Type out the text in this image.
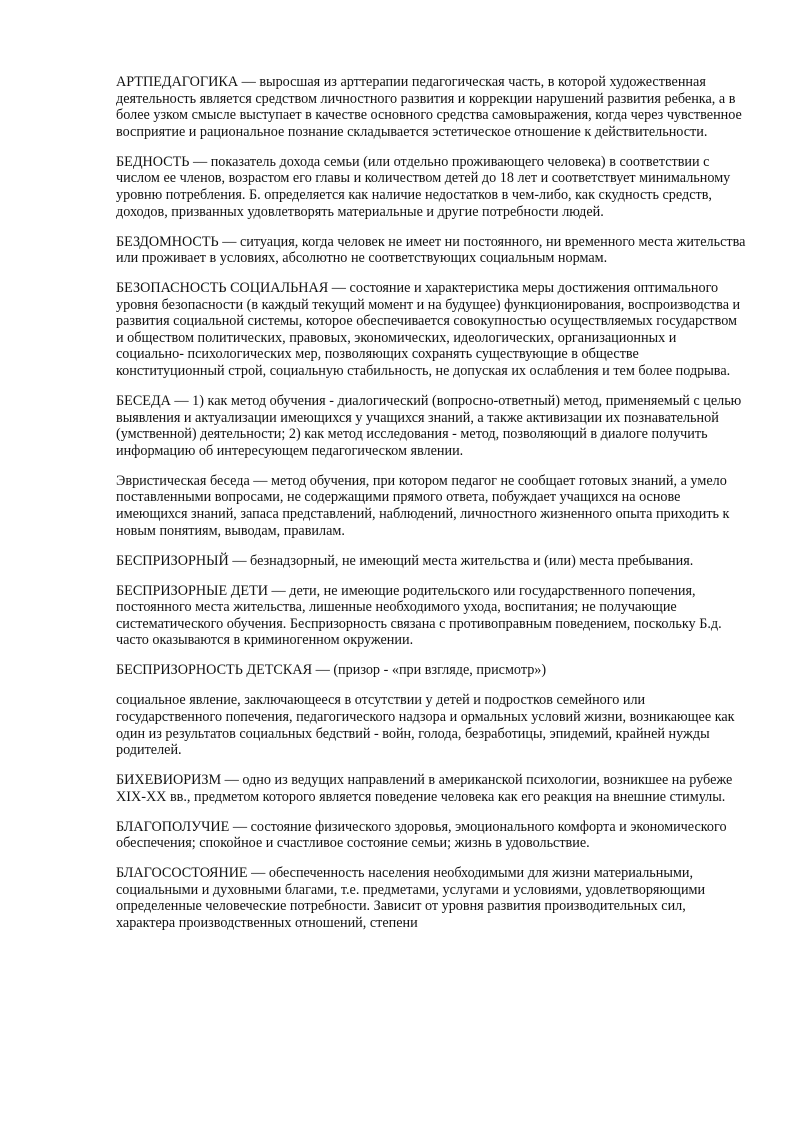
АРТПЕДАГОГИКА — выросшая из арттерапии педагогическая часть, в которой художественная деятельность является средством личностного развития и коррекции нарушений развития ребенка, а в более узком смысле выступает в качестве основного средства самовыражения, когда через чувственное восприятие и рациональное познание складывается эстетическое отношение к действительности.

БЕДНОСТЬ — показатель дохода семьи (или отдельно проживающего человека) в соответствии с числом ее членов, возрастом его главы и количеством детей до 18 лет и соответствует минимальному уровню потребления. Б. определяется как наличие недостатков в чем-либо, как скудность средств, доходов, призванных удовлетворять материальные и другие потребности людей.

БЕЗДОМНОСТЬ — ситуация, когда человек не имеет ни постоянного, ни временного места жительства или проживает в условиях, абсолютно не соответствующих социальным нормам.

БЕЗОПАСНОСТЬ СОЦИАЛЬНАЯ — состояние и характеристика меры достижения оптимального уровня безопасности (в каждый текущий момент и на будущее) функционирования, воспроизводства и развития социальной системы, которое обеспечивается совокупностью осуществляемых государством и обществом политических, правовых, экономических, идеологических, организационных и социально- психологических мер, позволяющих сохранять существующие в обществе конституционный строй, социальную стабильность, не допуская их ослабления и тем более подрыва.

БЕСЕДА — 1) как метод обучения - диалогический (вопросно-ответный) метод, применяемый с целью выявления и актуализации имеющихся у учащихся знаний, а также активизации их познавательной (умственной) деятельности; 2) как метод исследования - метод, позволяющий в диалоге получить информацию об интересующем педагогическом явлении.

Эвристическая беседа — метод обучения, при котором педагог не сообщает готовых знаний, а умело поставленными вопросами, не содержащими прямого ответа, побуждает учащихся на основе имеющихся знаний, запаса представлений, наблюдений, личностного жизненного опыта приходить к новым понятиям, выводам, правилам.

БЕСПРИЗОРНЫЙ — безнадзорный, не имеющий места жительства и (или) места пребывания.

БЕСПРИЗОРНЫЕ ДЕТИ — дети, не имеющие родительского или государственного попечения, постоянного места жительства, лишенные необходимого ухода, воспитания; не получающие систематического обучения. Беспризорность связана с противоправным поведением, поскольку Б.д. часто оказываются в криминогенном окружении.

БЕСПРИЗОРНОСТЬ ДЕТСКАЯ — (призор - «при взгляде, присмотр»)

социальное явление, заключающееся в отсутствии у детей и подростков семейного или государственного попечения, педагогического надзора и ормальных условий жизни, возникающее как один из результатов социальных бедствий - войн, голода, безработицы, эпидемий, крайней нужды родителей.

БИХЕВИОРИЗМ — одно из ведущих направлений в американской психологии, возникшее на рубеже XIX-XX вв., предметом которого является поведение человека как его реакция на внешние стимулы.

БЛАГОПОЛУЧИЕ — состояние физического здоровья, эмоционального комфорта и экономического обеспечения; спокойное и счастливое состояние семьи; жизнь в удовольствие.

БЛАГОСОСТОЯНИЕ — обеспеченность населения необходимыми для жизни материальными, социальными и духовными благами, т.е. предметами, услугами и условиями, удовлетворяющими определенные человеческие потребности. Зависит от уровня развития производительных сил, характера производственных отношений, степени
